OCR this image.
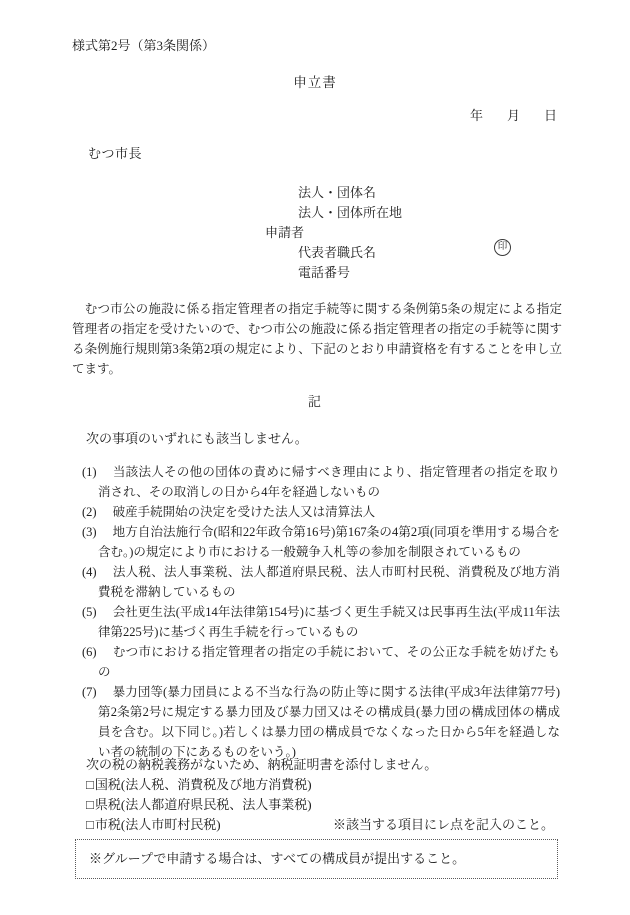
様式第2号（第3条関係）
申立書
年 月 日
むつ市長
法人・団体名
法人・団体所在地
申請者
代表者職氏名
電話番号
印
　むつ市公の施設に係る指定管理者の指定手続等に関する条例第5条の規定による指定管理者の指定を受けたいので、むつ市公の施設に係る指定管理者の指定の手続等に関する条例施行規則第3条第2項の規定により、下記のとおり申請資格を有することを申し立てます。
記
次の事項のいずれにも該当しません。
(1) 当該法人その他の団体の責めに帰すべき理由により、指定管理者の指定を取り消され、その取消しの日から4年を経過しないもの
(2) 破産手続開始の決定を受けた法人又は清算法人
(3) 地方自治法施行令(昭和22年政令第16号)第167条の4第2項(同項を準用する場合を含む。)の規定により市における一般競争入札等の参加を制限されているもの
(4) 法人税、法人事業税、法人都道府県民税、法人市町村民税、消費税及び地方消費税を滞納しているもの
(5) 会社更生法(平成14年法律第154号)に基づく更生手続又は民事再生法(平成11年法律第225号)に基づく再生手続を行っているもの
(6) むつ市における指定管理者の指定の手続において、その公正な手続を妨げたもの
(7) 暴力団等(暴力団員による不当な行為の防止等に関する法律(平成3年法律第77号)第2条第2号に規定する暴力団及び暴力団又はその構成員(暴力団の構成団体の構成員を含む。以下同じ。)若しくは暴力団の構成員でなくなった日から5年を経過しない者の統制の下にあるものをいう。)
次の税の納税義務がないため、納税証明書を添付しません。
□国税(法人税、消費税及び地方消費税)
□県税(法人都道府県民税、法人事業税)
□市税(法人市町村民税)	※該当する項目にレ点を記入のこと。
※グループで申請する場合は、すべての構成員が提出すること。
